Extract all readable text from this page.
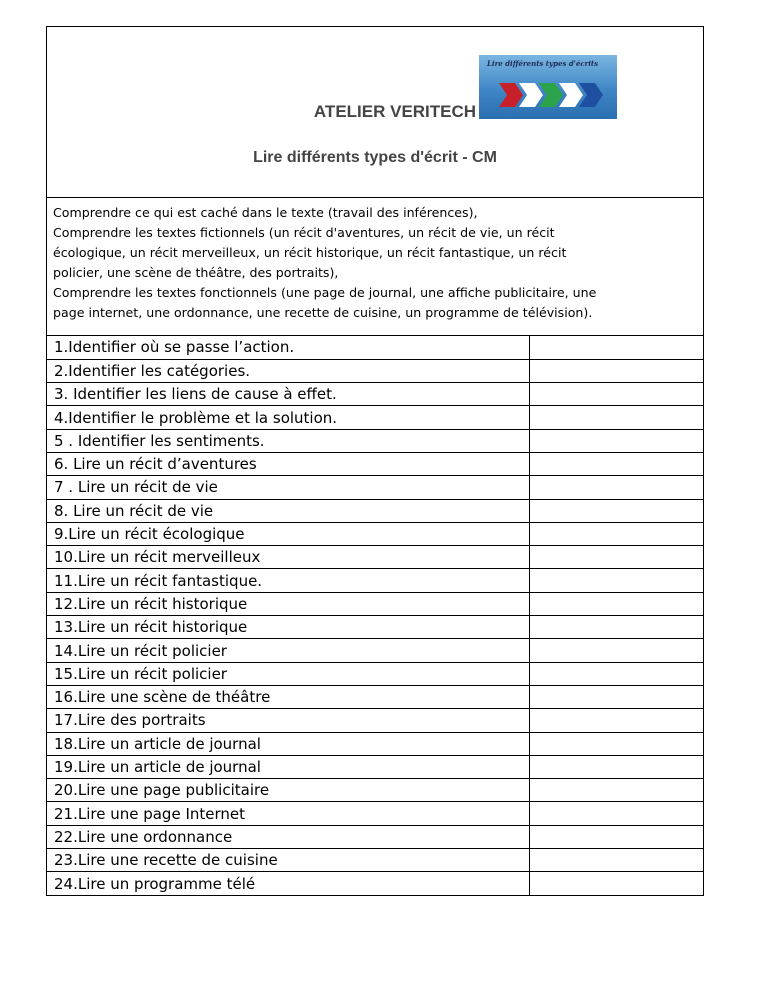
Lire différents types d'écrits
ATELIER VERITECH
Lire différents types d'écrit - CM
Comprendre ce qui est caché dans le texte (travail des inférences),
Comprendre les textes fictionnels (un récit d'aventures, un récit de vie, un récit
écologique, un récit merveilleux, un récit historique, un récit fantastique, un récit
policier, une scène de théâtre, des portraits),
Comprendre les textes fonctionnels (une page de journal, une affiche publicitaire, une
page internet, une ordonnance, une recette de cuisine, un programme de télévision).
1.Identifier où se passe l’action.	
2.Identifier les catégories.	
3. Identifier les liens de cause à effet.	
4.Identifier le problème et la solution.	
5 . Identifier les sentiments.	
6. Lire un récit d’aventures	
7 . Lire un récit de vie	
8. Lire un récit de vie	
9.Lire un récit écologique	
10.Lire un récit merveilleux	
11.Lire un récit fantastique.	
12.Lire un récit historique	
13.Lire un récit historique	
14.Lire un récit policier	
15.Lire un récit policier	
16.Lire une scène de théâtre	
17.Lire des portraits	
18.Lire un article de journal	
19.Lire un article de journal	
20.Lire une page publicitaire	
21.Lire une page Internet	
22.Lire une ordonnance	
23.Lire une recette de cuisine	
24.Lire un programme télé	
